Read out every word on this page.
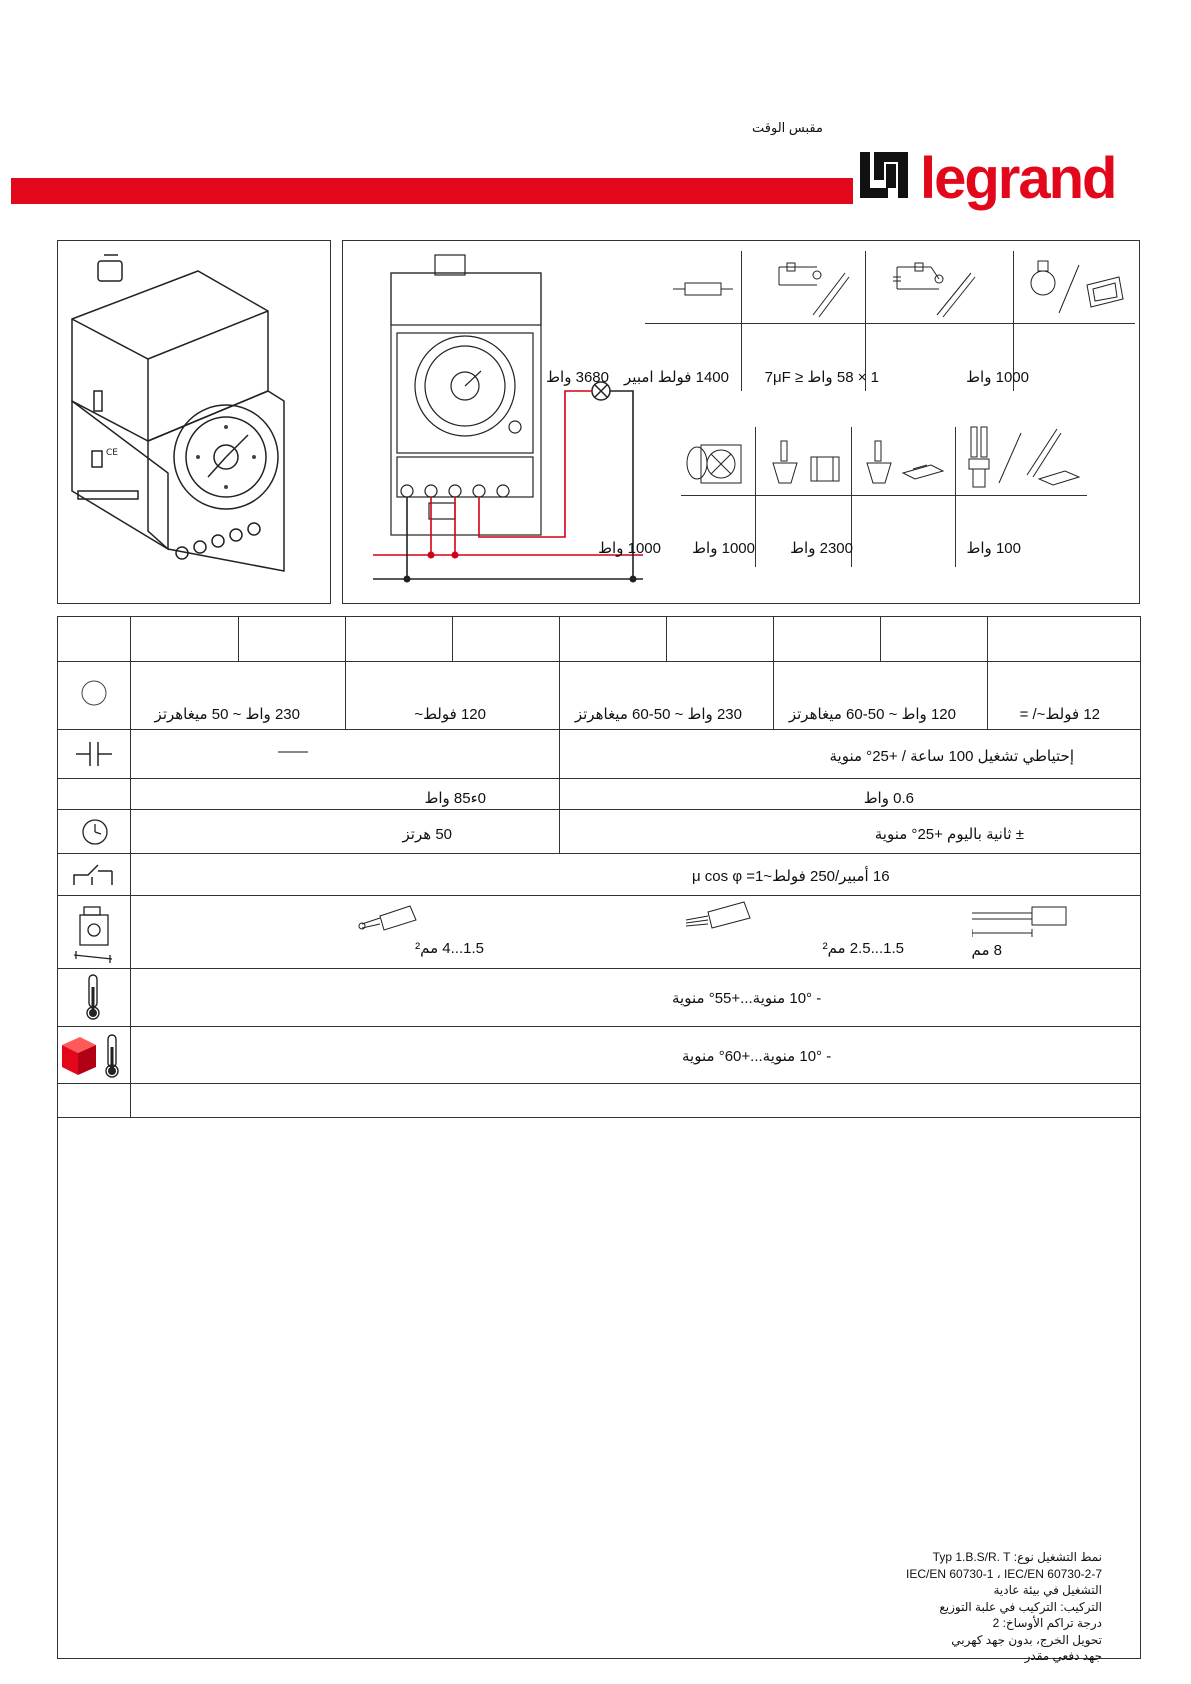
مقبس الوقت
legrand
CE
3680 واط 1400 فولط امبير 1 × 58 واط ≤ 7μF	1000 واط
1000 واط 1000 واط 2300 واط	100 واط
230 واط ~ 50 ميغاهرتز	120 فولط~	230 واط ~ 50-60 ميغاهرتز	120 واط ~ 50-60 ميغاهرتز	12 فولط~/ =
——	إحتياطي تشغيل 100 ساعة / +25° منوية
0ء85 واط	0.6 واط
50 هرتز	± ثانية باليوم +25° منوية
16 أمبير/250 فولط~μ cos φ =1
1.5...4 مم²	1.5...2.5 مم²	8 مم
- 10° منوية...+55° منوية
- 10° منوية...+60° منوية
نمط التشغيل نوع: Typ 1.B.S/R. T
IEC/EN 60730-1 ، IEC/EN 60730-2-7
التشغيل في بيئة عادية
التركيب: التركيب في علبة التوزيع
درجة تراكم الأوساخ: 2
تحويل الخرج، بدون جهد كهربي
جهد دفعي مقدر
